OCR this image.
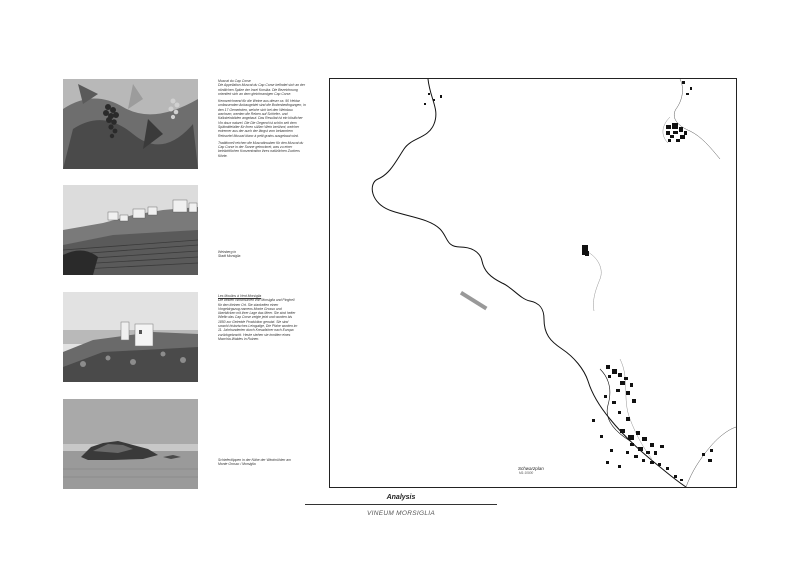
Muscat du Cap Corse
Die Appellation Muscat du Cap Corse befindet sich an der nördlichen Spitze der Insel Korsika. Die Bezeichnung orientiert sich an dem gleichnamigen Cap Corse.

Kennzeichnend für die Weine aus dieser ca. 90 Hektar umfassenden Anbaugebiet sind die Bodenbedingungen, in den 17 Gemeinden, welche sich bei den Weinbau wachsen, werden die Reben auf Schiefer- und Kalksteinböden angebaut. Das Resultat ist ein köstlicher Vin doux naturel. Die Die Gegend ist schön seit dem Spätmittelalter für ihren süßen Wein berühmt, welcher extremer aus der auch der längst vom bekanntem Rebsortel Muscat blanc à petit grains ausgebaut wird.

Traditionell reichen die Muscattrauben für den Muscat du Cap Corse in der Sonne getrocknet, was zu einer beträchtlichen Konzentration ihres natürlichen Zuckers führte.

Weinberg in
Stadt Morsiglia
Les Moulins à Vent Morsiglia
Die beiden Windmühlen von Morsiglia und Pinghell für den kleinen Ort. Sie stankeiten einen Vorgebirgszug namens Monte Grosso und überblicken mit ihrer Lage das Meer. Sie sind heiter Wiefin das Cap Corse zeigte jetzt und wurden bis 1850 zur Getreide Produktion genutzt. Sie sind sowohl historisches Leingutige, Die Pfahe wurden im 11. Jahrhunderten durch Kreuzfahrer nach Europa zurückgebracht. Heute stehen sie inmitten eines Macchia-Waldes in Ruinen.
Schieferklippen in der Nähe der Windmühlen am Monte Grosso / Morsiglia
Schwarzplan
M1:10000
Analysis
VINEUM MORSIGLIA
